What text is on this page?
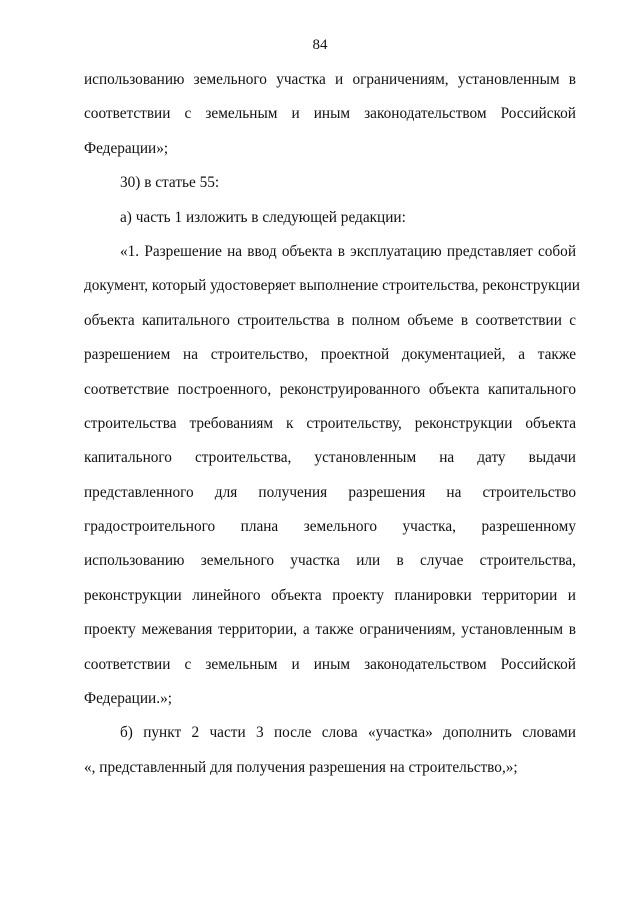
84
использованию земельного участка и ограничениям, установленным в
соответствии с земельным и иным законодательством Российской
Федерации»;
30) в статье 55:
а) часть 1 изложить в следующей редакции:
«1. Разрешение на ввод объекта в эксплуатацию представляет собой
документ, который удостоверяет выполнение строительства, реконструкции
объекта капитального строительства в полном объеме в соответствии с
разрешением на строительство, проектной документацией, а также
соответствие построенного, реконструированного объекта капитального
строительства требованиям к строительству, реконструкции объекта
капитального строительства, установленным на дату выдачи
представленного для получения разрешения на строительство
градостроительного плана земельного участка, разрешенному
использованию земельного участка или в случае строительства,
реконструкции линейного объекта проекту планировки территории и
проекту межевания территории, а также ограничениям, установленным в
соответствии с земельным и иным законодательством Российской
Федерации.»;
б) пункт 2 части 3 после слова «участка» дополнить словами
«, представленный для получения разрешения на строительство,»;
